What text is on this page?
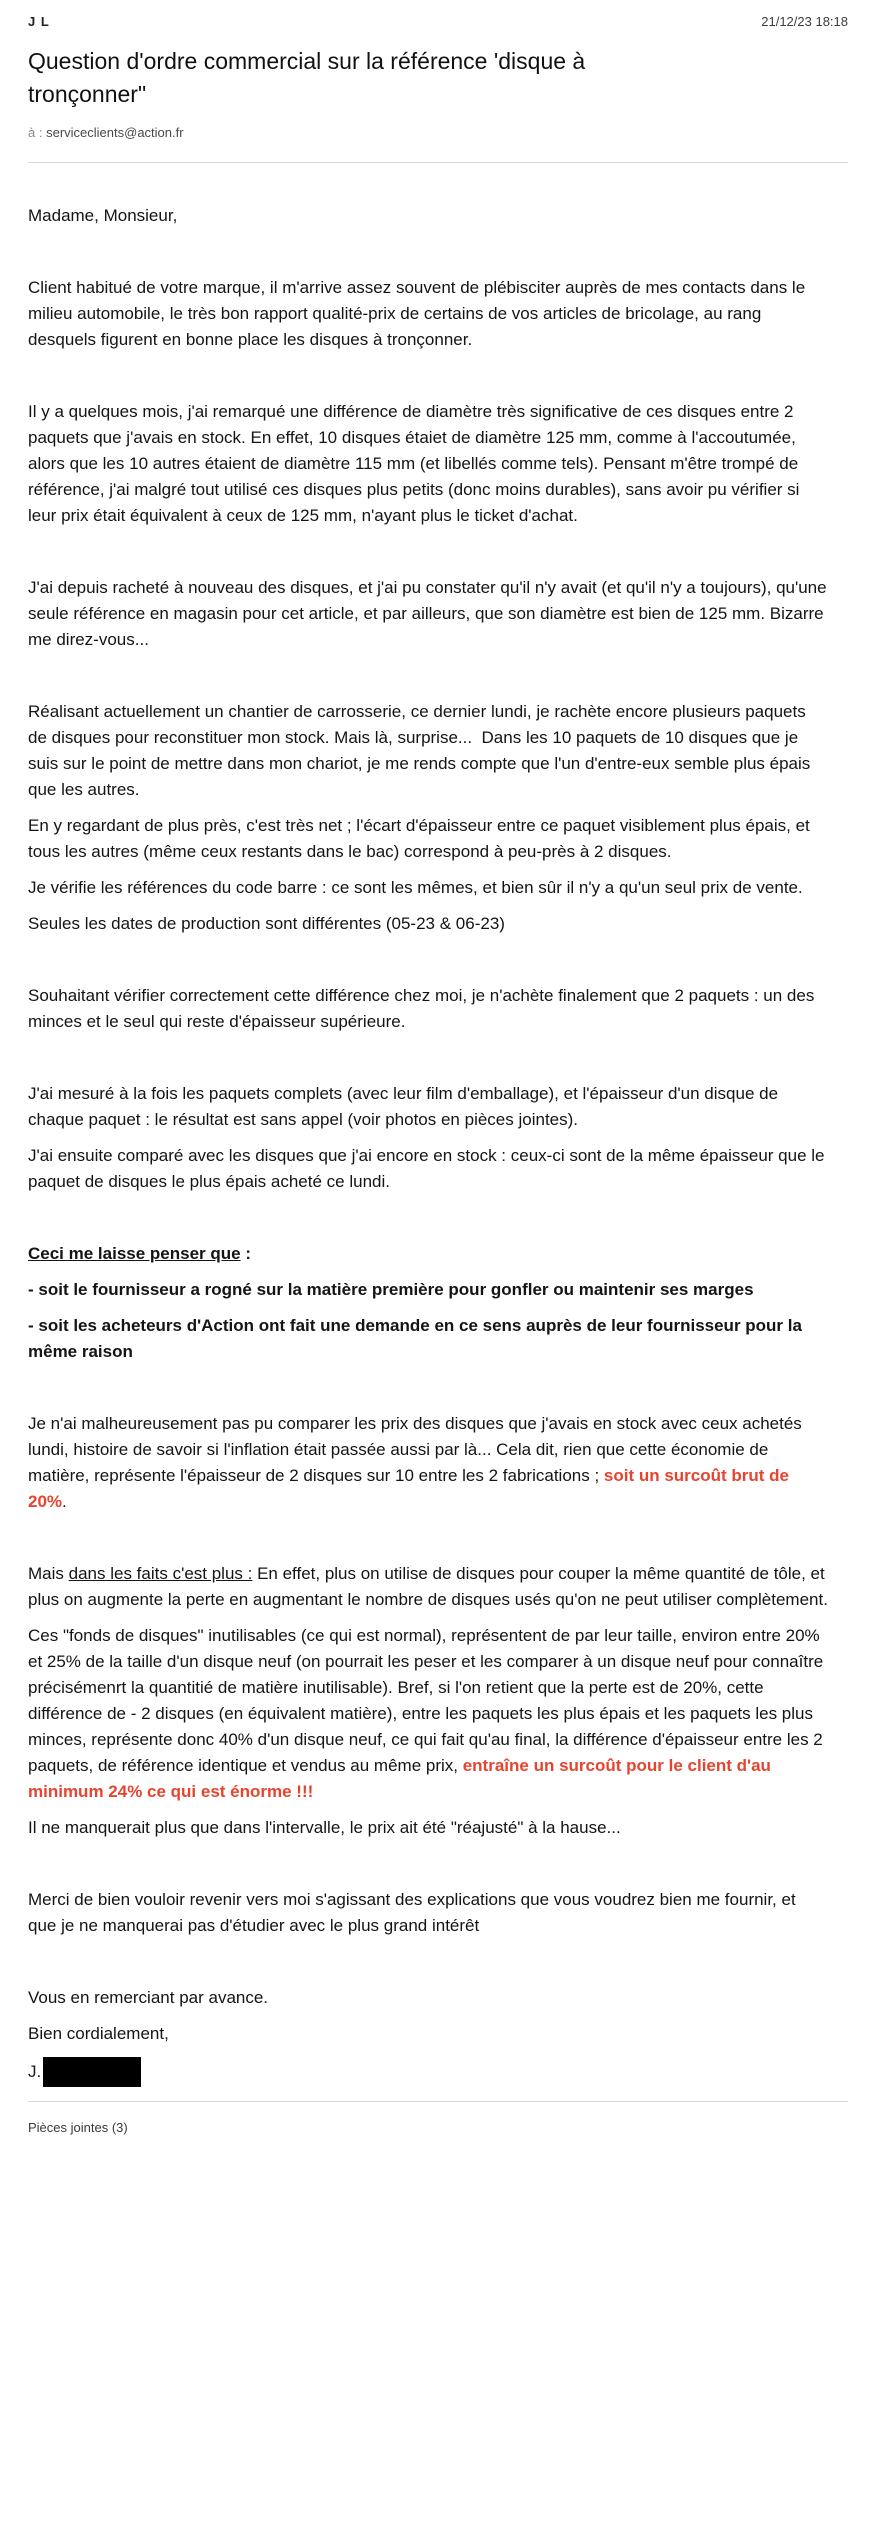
J L	21/12/23 18:18
Question d'ordre commercial sur la référence 'disque à tronçonner"
à : serviceclients@action.fr

Madame, Monsieur,

Client habitué de votre marque, il m'arrive assez souvent de plébisciter auprès de mes contacts dans le milieu automobile, le très bon rapport qualité-prix de certains de vos articles de bricolage, au rang desquels figurent en bonne place les disques à tronçonner.

Il y a quelques mois, j'ai remarqué une différence de diamètre très significative de ces disques entre 2 paquets que j'avais en stock. En effet, 10 disques étaiet de diamètre 125 mm, comme à l'accoutumée, alors que les 10 autres étaient de diamètre 115 mm (et libellés comme tels). Pensant m'être trompé de référence, j'ai malgré tout utilisé ces disques plus petits (donc moins durables), sans avoir pu vérifier si leur prix était équivalent à ceux de 125 mm, n'ayant plus le ticket d'achat.

J'ai depuis racheté à nouveau des disques, et j'ai pu constater qu'il n'y avait (et qu'il n'y a toujours), qu'une seule référence en magasin pour cet article, et par ailleurs, que son diamètre est bien de 125 mm. Bizarre me direz-vous...

Réalisant actuellement un chantier de carrosserie, ce dernier lundi, je rachète encore plusieurs paquets de disques pour reconstituer mon stock. Mais là, surprise...  Dans les 10 paquets de 10 disques que je suis sur le point de mettre dans mon chariot, je me rends compte que l'un d'entre-eux semble plus épais que les autres.

En y regardant de plus près, c'est très net ; l'écart d'épaisseur entre ce paquet visiblement plus épais, et tous les autres (même ceux restants dans le bac) correspond à peu-près à 2 disques.

Je vérifie les références du code barre : ce sont les mêmes, et bien sûr il n'y a qu'un seul prix de vente.

Seules les dates de production sont différentes (05-23 & 06-23)

Souhaitant vérifier correctement cette différence chez moi, je n'achète finalement que 2 paquets : un des minces et le seul qui reste d'épaisseur supérieure.

J'ai mesuré à la fois les paquets complets (avec leur film d'emballage), et l'épaisseur d'un disque de chaque paquet : le résultat est sans appel (voir photos en pièces jointes).

J'ai ensuite comparé avec les disques que j'ai encore en stock : ceux-ci sont de la même épaisseur que le paquet de disques le plus épais acheté ce lundi.

Ceci me laisse penser que :

- soit le fournisseur a rogné sur la matière première pour gonfler ou maintenir ses marges

- soit les acheteurs d'Action ont fait une demande en ce sens auprès de leur fournisseur pour la même raison

Je n'ai malheureusement pas pu comparer les prix des disques que j'avais en stock avec ceux achetés lundi, histoire de savoir si l'inflation était passée aussi par là... Cela dit, rien que cette économie de matière, représente l'épaisseur de 2 disques sur 10 entre les 2 fabrications ; soit un surcoût brut de 20%.

Mais dans les faits c'est plus : En effet, plus on utilise de disques pour couper la même quantité de tôle, et plus on augmente la perte en augmentant le nombre de disques usés qu'on ne peut utiliser complètement.

Ces "fonds de disques" inutilisables (ce qui est normal), représentent de par leur taille, environ entre 20% et 25% de la taille d'un disque neuf (on pourrait les peser et les comparer à un disque neuf pour connaître précisémenrt la quantitié de matière inutilisable). Bref, si l'on retient que la perte est de 20%, cette différence de - 2 disques (en équivalent matière), entre les paquets les plus épais et les paquets les plus minces, représente donc 40% d'un disque neuf, ce qui fait qu'au final, la différence d'épaisseur entre les 2 paquets, de référence identique et vendus au même prix, entraîne un surcoût pour le client d'au minimum 24% ce qui est énorme !!!

Il ne manquerait plus que dans l'intervalle, le prix ait été "réajusté" à la hause...

Merci de bien vouloir revenir vers moi s'agissant des explications que vous voudrez bien me fournir, et que je ne manquerai pas d'étudier avec le plus grand intérêt

Vous en remerciant par avance.

Bien cordialement,

J.
Pièces jointes (3)
